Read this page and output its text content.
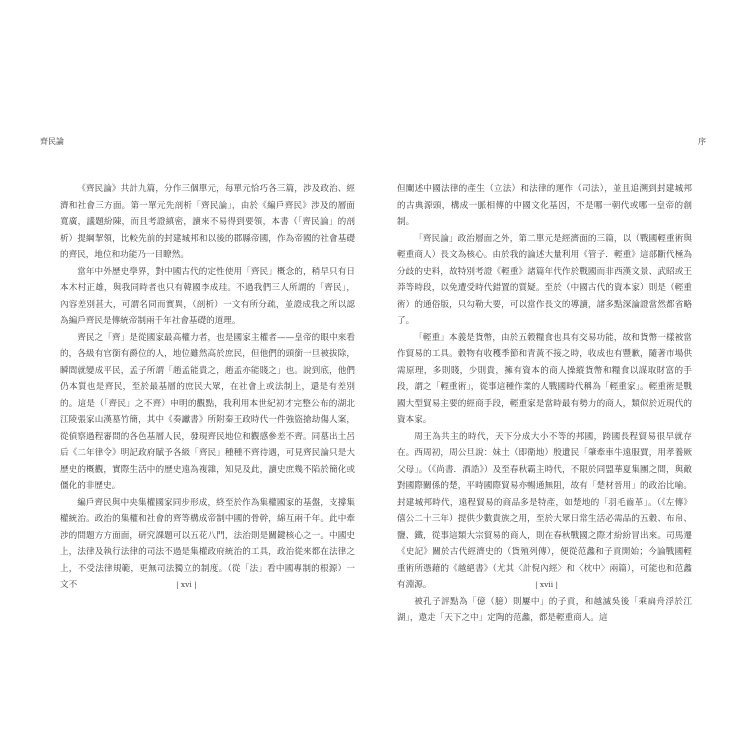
齊民論	序

《齊民論》共計九篇，分作三個單元，每單元恰巧各三篇，涉及政治、經濟和社會三方面。第一單元先剖析「齊民論」，由於《編戶齊民》涉及的層面寬廣，議題紛陳，而且考證縝密，讀來不易得到要領，本書（「齊民論」的剖析）提綱挈領，比較先前的封建城邦和以後的郡縣帝國，作為帝國的社會基礎的齊民，地位和功能乃一目瞭然。

當年中外歷史學界，對中國古代的定性使用「齊民」概念的，稍早只有日本木村正雄，與我同時者也只有韓國李成珪。不過我們三人所謂的「齊民」，內容差別甚大，可謂名同而實異，（剖析）一文有所分疏，並證成我之所以認為編戶齊民是傳統帝制兩千年社會基礎的道理。

齊民之「齊」是從國家最高權力者，也是國家主權者——皇帝的眼中來看的，各級有官銜有爵位的人，地位雖然高於庶民，但他們的頭銜一旦被拔除，瞬間就變成平民，孟子所謂「趙孟能貴之，趙孟亦能賤之」也。說到底，他們仍本質也是齊民，至於最基層的庶民大眾，在社會上或法制上，還是有差別的。這是（「齊民」之不齊）申明的觀點，我利用本世紀初才完整公布的湖北江陵張家山漢墓竹簡，其中《奏讞書》所附秦王政時代一件強盜搶劫傷人案，從偵察過程審問的各色基層人民，發現齊民地位和觀感參差不齊。同墓出土呂后《二年律令》明記政府賦予各級「齊民」種種不齊待遇，可見齊民論只是大歷史的概觀，實際生活中的歷史遠為複雜，知見及此，讀史庶幾不陷於簡化或僵化的非歷史。

編戶齊民與中央集權國家同步形成，終至於作為集權國家的基盤，支撐集權統治。政治的集權和社會的齊等構成帝制中國的骨幹，綿互兩千年。此中牽涉的問題方方面面，研究課題可以五花八門，法治則是關鍵核心之一。中國史上，法律及執行法律的司法不過是集權政府統治的工具，政治從來都在法律之上，不受法律規範，更無司法獨立的制度。（從「法」看中國專制的根源）一文不

但闡述中國法律的產生（立法）和法律的運作（司法），並且追溯到封建城邦的古典源頭，構成一脈相傳的中國文化基因，不是哪一朝代或哪一皇帝的創制。

「齊民論」政治層面之外，第二單元是經濟面的三篇，以（戰國輕重術與輕重商人）長文為核心。由於我的論述大量利用《管子．輕重》這部斷代極為分歧的史料，故特別考證《輕重》諸篇年代作於戰國而非西漢文景、武昭或王莽等時段，以免遭受時代錯置的質疑。至於（中國古代的資本家）則是（輕重術）的通俗版，只勾勒大要，可以當作長文的導讀，諸多點深論證當然都省略了。

「輕重」本義是貨幣，由於五穀糧食也具有交易功能，故和貨幣一樣被當作貿易的工具。穀物有收穫季節和青黃不接之時，收成也有豐歉，隨著市場供需原理，多則賤，少則貴，擁有資本的商人操縱貨幣和糧食以謀取財富的手段，謂之「輕重術」，從事這種作業的人戰國時代稱為「輕重家」。輕重術是戰國大型貿易主要的經商手段，輕重家是當時最有勢力的商人，類似於近現代的資本家。

周王為共主的時代，天下分成大小不等的邦國，跨國長程貿易很早就存在。西周初，周公旦說：妹土（即衛地）殷遺民「肇牽車牛遠服賈，用孝養厥父母」。（《尚書．酒誥》）及至春秋霸主時代，不限於同盟華夏集團之間，與敵對國際關係的楚，平時國際貿易亦暢通無阻，故有「楚材晉用」的政治比喻。封建城邦時代，遠程貿易的商品多是特產，如楚地的「羽毛齒革」。（《左傳》僖公二十三年）提供少數貴族之用，至於大眾日常生活必需品的五穀、布帛、鹽、鐵，從事這類大宗貿易的商人，則在春秋戰國之際才紛紛冒出來。司馬遷《史記》關於古代經濟史的（貨殖列傳），便從范蠡和子貢開始；今論戰國輕重術所憑藉的《越絕書》（尤其〈計倪內經〉和〈枕中〉兩篇），可能也和范蠡有淵源。

被孔子評點為「億（臆）則屢中」的子貢，和越滅吳後「乘扁舟浮於江湖」，遨走「天下之中」定陶的范蠡，都是輕重商人。這

| xvi |	| xvii |
